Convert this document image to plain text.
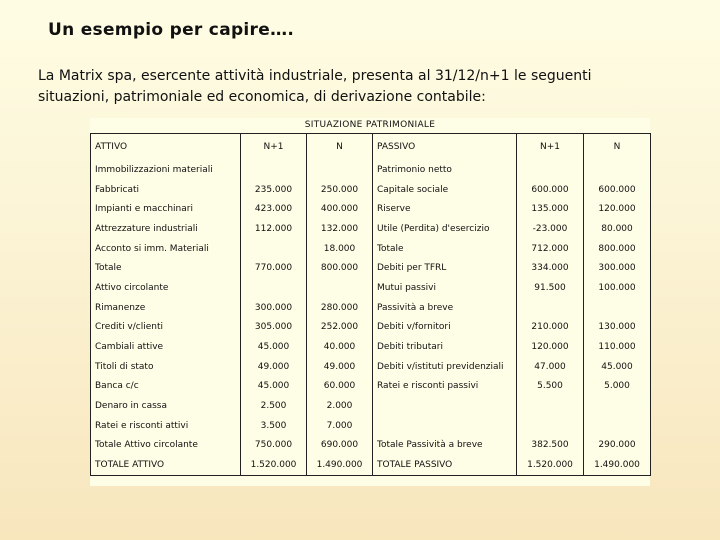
Un esempio per capire….
La Matrix spa, esercente attività industriale, presenta al 31/12/n+1 le seguenti situazioni, patrimoniale ed economica, di derivazione contabile:
SITUAZIONE PATRIMONIALE
ATTIVO	N+1	N	PASSIVO	N+1	N
Immobilizzazioni materiali			Patrimonio netto		
Fabbricati	235.000	250.000	Capitale sociale	600.000	600.000
Impianti e macchinari	423.000	400.000	Riserve	135.000	120.000
Attrezzature industriali	112.000	132.000	Utile (Perdita) d'esercizio	-23.000	80.000
Acconto si imm. Materiali		18.000	Totale	712.000	800.000
Totale	770.000	800.000	Debiti per TFRL	334.000	300.000
Attivo circolante			Mutui passivi	91.500	100.000
Rimanenze	300.000	280.000	Passività a breve		
Crediti v/clienti	305.000	252.000	Debiti v/fornitori	210.000	130.000
Cambiali attive	45.000	40.000	Debiti tributari	120.000	110.000
Titoli di stato	49.000	49.000	Debiti v/istituti previdenziali	47.000	45.000
Banca c/c	45.000	60.000	Ratei e risconti passivi	5.500	5.000
Denaro in cassa	2.500	2.000			
Ratei e risconti attivi	3.500	7.000			
Totale Attivo circolante	750.000	690.000	Totale Passività a breve	382.500	290.000
TOTALE ATTIVO	1.520.000	1.490.000	TOTALE PASSIVO	1.520.000	1.490.000
